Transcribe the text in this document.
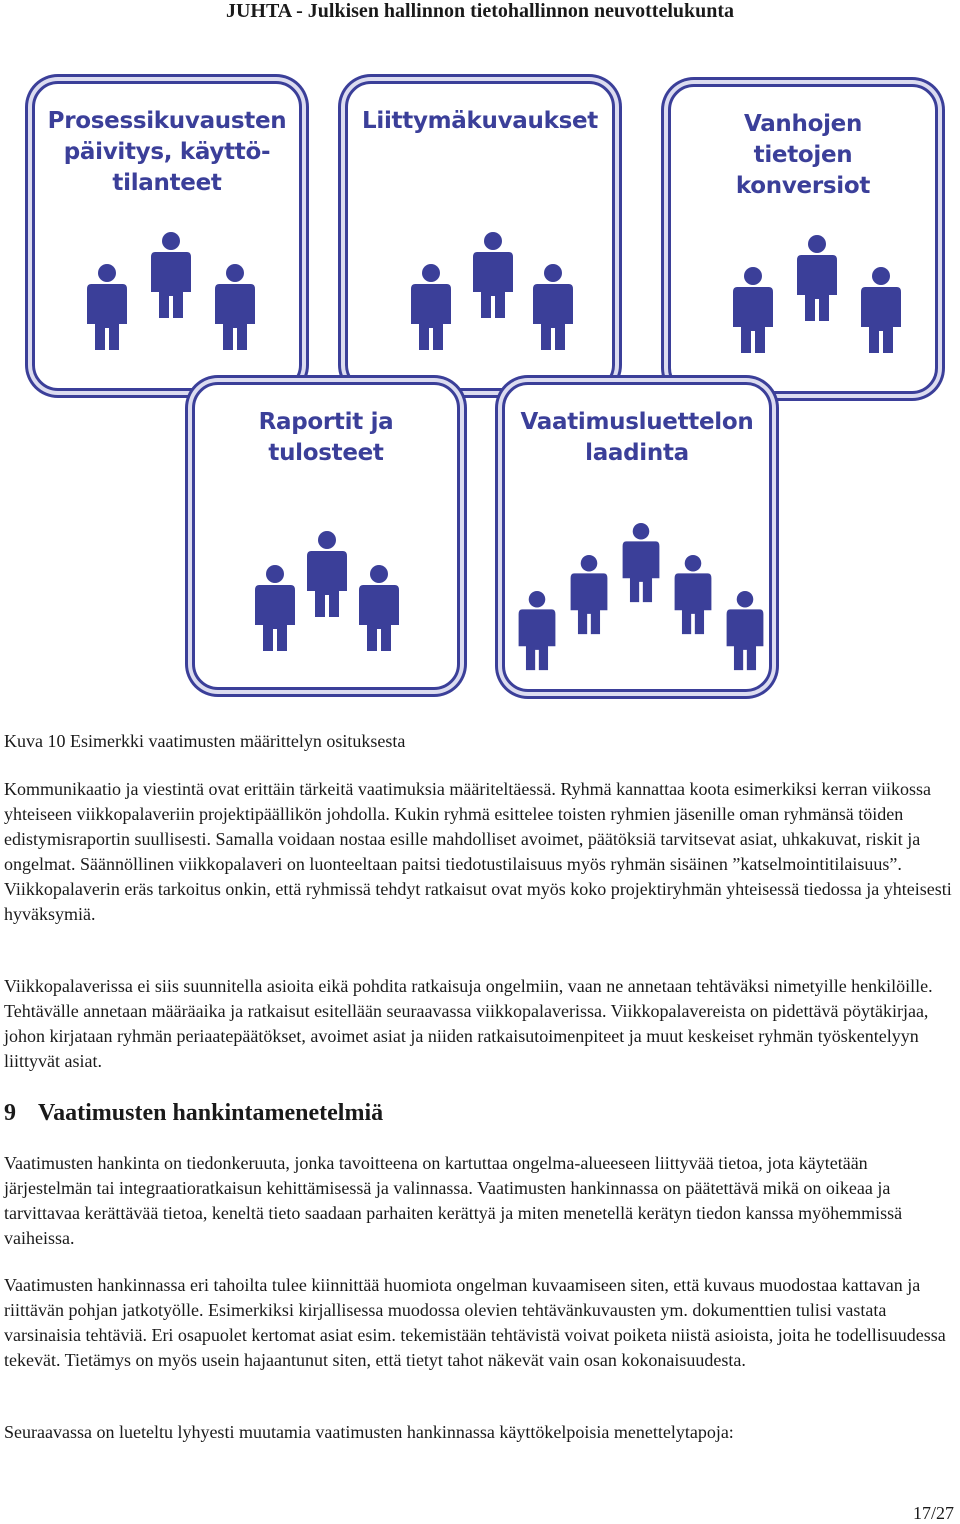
JUHTA - Julkisen hallinnon tietohallinnon neuvottelukunta
Prosessikuvausten
päivitys, käyttö-
tilanteet
Liittymäkuvaukset	Vanhojen
tietojen
konversiot
Raportit ja
tulosteet
Vaatimusluettelon
laadinta
Kuva 10 Esimerkki vaatimusten määrittelyn osituksesta

Kommunikaatio ja viestintä ovat erittäin tärkeitä vaatimuksia määriteltäessä. Ryhmä kannattaa koota esimerkiksi kerran viikossa yhteiseen viikkopalaveriin projektipäällikön johdolla. Kukin ryhmä esittelee toisten ryhmien jäsenille oman ryhmänsä töiden edistymisraportin suullisesti. Samalla voidaan nostaa esille mahdolliset avoimet, päätöksiä tarvitsevat asiat, uhkakuvat, riskit ja ongelmat. Säännöllinen viikkopalaveri on luonteeltaan paitsi tiedotustilaisuus myös ryhmän sisäinen ”katselmointitilaisuus”. Viikkopalaverin eräs tarkoitus onkin, että ryhmissä tehdyt ratkaisut ovat myös koko projektiryhmän yhteisessä tiedossa ja yhteisesti hyväksymiä.

Viikkopalaverissa ei siis suunnitella asioita eikä pohdita ratkaisuja ongelmiin, vaan ne annetaan tehtäväksi nimetyille henkilöille. Tehtävälle annetaan määräaika ja ratkaisut esitellään seuraavassa viikkopalaverissa. Viikkopalavereista on pidettävä pöytäkirjaa, johon kirjataan ryhmän periaatepäätökset, avoimet asiat ja niiden ratkaisutoimenpiteet ja muut keskeiset ryhmän työskentelyyn liittyvät asiat.

9 Vaatimusten hankintamenetelmiä

Vaatimusten hankinta on tiedonkeruuta, jonka tavoitteena on kartuttaa ongelma-alueeseen liittyvää tietoa, jota käytetään järjestelmän tai integraatioratkaisun kehittämisessä ja valinnassa. Vaatimusten hankinnassa on päätettävä mikä on oikeaa ja tarvittavaa kerättävää tietoa, keneltä tieto saadaan parhaiten kerättyä ja miten menetellä kerätyn tiedon kanssa myöhemmissä vaiheissa.

Vaatimusten hankinnassa eri tahoilta tulee kiinnittää huomiota ongelman kuvaamiseen siten, että kuvaus muodostaa kattavan ja riittävän pohjan jatkotyölle. Esimerkiksi kirjallisessa muodossa olevien tehtävänkuvausten ym. dokumenttien tulisi vastata varsinaisia tehtäviä. Eri osapuolet kertomat asiat esim. tekemistään tehtävistä voivat poiketa niistä asioista, joita he todellisuudessa tekevät. Tietämys on myös usein hajaantunut siten, että tietyt tahot näkevät vain osan kokonaisuudesta.

Seuraavassa on lueteltu lyhyesti muutamia vaatimusten hankinnassa käyttökelpoisia menettelytapoja:

17/27
